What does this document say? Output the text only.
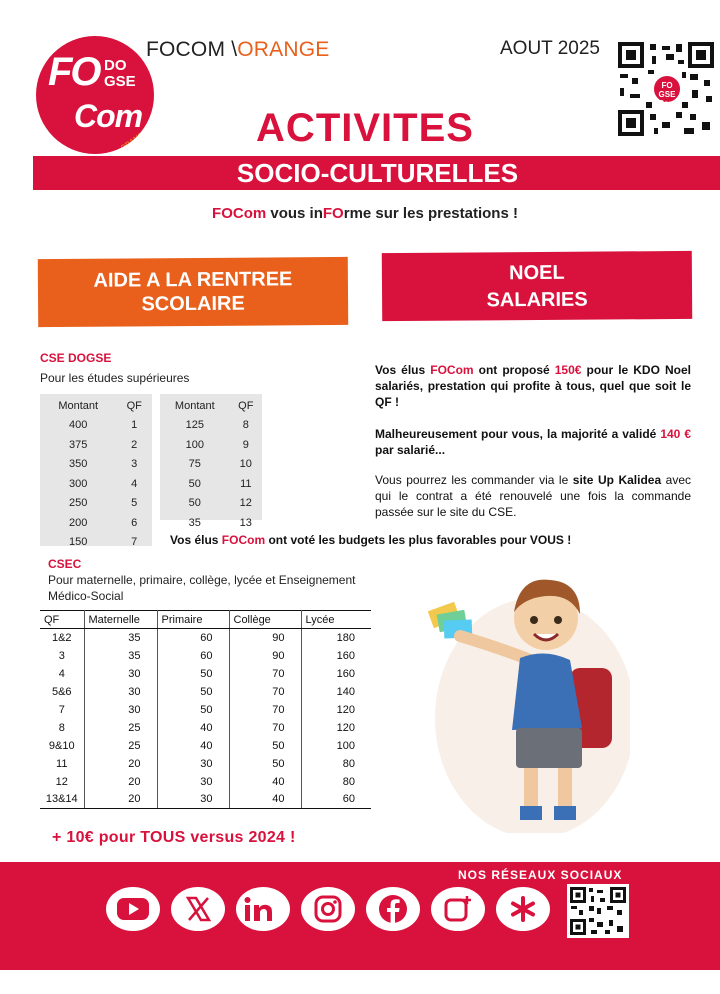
FO DO GSE
Com
ORANGE
FOCOM \ORANGE	AOUT 2025
FO GSE Com
ACTIVITES
SOCIO-CULTURELLES
FOCom vous inFOrme sur les prestations !
AIDE A LA RENTREE
SCOLAIRE
NOEL
SALARIES
CSE DOGSE
Pour les études supérieures
Montant	QF
400	1
375	2
350	3
300	4
250	5
200	6
150	7
Montant	QF
125	8
100	9
75	10
50	11
50	12
35	13
Vos élus FOCom ont proposé 150€ pour le KDO Noel salariés, prestation qui profite à tous, quel que soit le QF !
Malheureusement pour vous, la majorité a validé 140 € par salarié...
Vous pourrez les commander via le site Up Kalidea avec qui le contrat a été renouvelé une fois la commande passée sur le site du CSE.
Vos élus FOCom ont voté les budgets les plus favorables pour VOUS !
CSEC
Pour maternelle, primaire, collège, lycée et Enseignement
Médico-Social
QF	Maternelle	Primaire	Collège	Lycée
1&2	35	60	90	180
3	35	60	90	160
4	30	50	70	160
5&6	30	50	70	140
7	30	50	70	120
8	25	40	70	120
9&10	25	40	50	100
11	20	30	50	80
12	20	30	40	80
13&14	20	30	40	60
+ 10€ pour TOUS versus 2024 !
NOS RÉSEAUX SOCIAUX
